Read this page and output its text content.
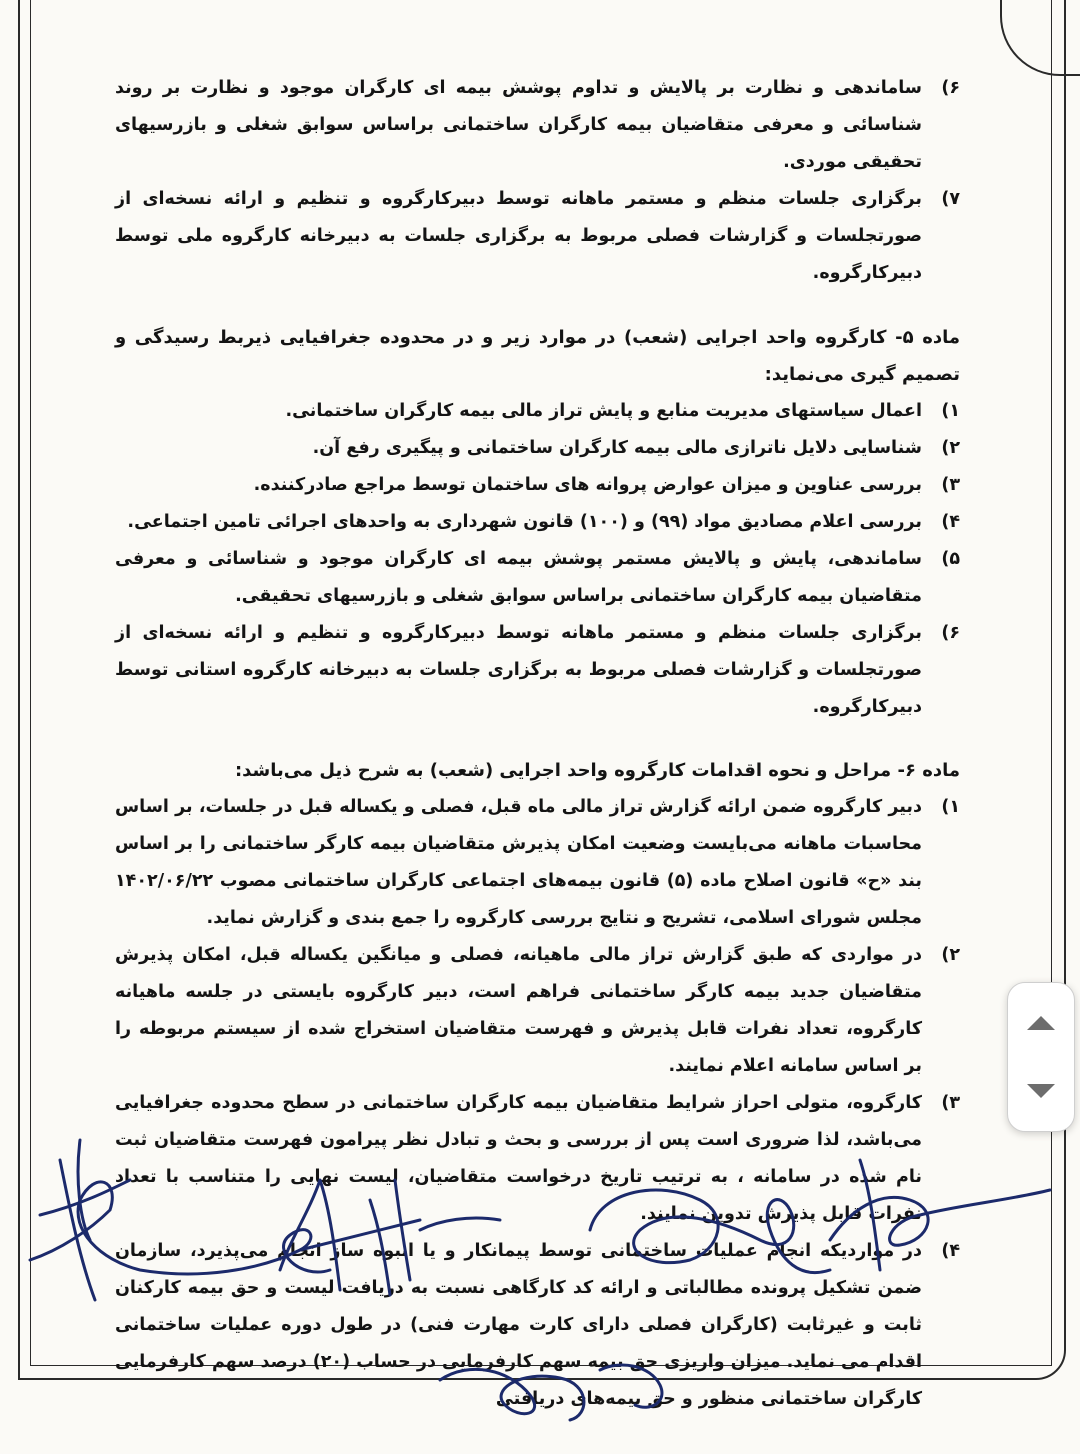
۶)
ساماندهی و نظارت بر پالایش و تداوم پوشش بیمه ای کارگران موجود و نظارت بر روند شناسائی و معرفی متقاضیان بیمه کارگران ساختمانی براساس سوابق شغلی و بازرسیهای تحقیقی موردی.

۷)
برگزاری جلسات منظم و مستمر ماهانه توسط دبیرکارگروه و تنظیم و ارائه نسخه‌ای از صورتجلسات و گزارشات فصلی مربوط به برگزاری جلسات به دبیرخانه کارگروه ملی توسط دبیرکارگروه.

ماده ۵- کارگروه واحد اجرایی (شعب) در موارد زیر و در محدوده جغرافیایی ذیربط رسیدگی و تصمیم گیری می‌نماید:

۱)
اعمال سیاستهای مدیریت منابع و پایش تراز مالی بیمه کارگران ساختمانی.

۲)
شناسایی دلایل ناترازی مالی بیمه کارگران ساختمانی و پیگیری رفع آن.

۳)
بررسی عناوین و میزان عوارض پروانه های ساختمان توسط مراجع صادرکننده.

۴)
بررسی اعلام مصادیق مواد (۹۹) و (۱۰۰) قانون شهرداری به واحدهای اجرائی تامین اجتماعی.

۵)
ساماندهی، پایش و پالایش مستمر پوشش بیمه ای کارگران موجود و شناسائی و معرفی متقاضیان بیمه کارگران ساختمانی براساس سوابق شغلی و بازرسیهای تحقیقی.

۶)
برگزاری جلسات منظم و مستمر ماهانه توسط دبیرکارگروه و تنظیم و ارائه نسخه‌ای از صورتجلسات و گزارشات فصلی مربوط به برگزاری جلسات به دبیرخانه کارگروه استانی توسط دبیرکارگروه.

ماده ۶- مراحل و نحوه اقدامات کارگروه واحد اجرایی (شعب) به شرح ذیل می‌باشد:

۱)
دبیر کارگروه ضمن ارائه گزارش تراز مالی ماه قبل، فصلی و یکساله قبل در جلسات، بر اساس محاسبات ماهانه می‌بایست وضعیت امکان پذیرش متقاضیان بیمه کارگر ساختمانی را بر اساس بند «ح» قانون اصلاح ماده (۵) قانون بیمه‌های اجتماعی کارگران ساختمانی مصوب ۱۴۰۲/۰۶/۲۲ مجلس شورای اسلامی، تشریح و نتایج بررسی کارگروه را جمع بندی و گزارش نماید.

۲)
در مواردی که طبق گزارش تراز مالی ماهیانه، فصلی و میانگین یکساله قبل، امکان پذیرش متقاضیان جدید بیمه کارگر ساختمانی فراهم است، دبیر کارگروه بایستی در جلسه ماهیانه کارگروه، تعداد نفرات قابل پذیرش و فهرست متقاضیان استخراج شده از سیستم مربوطه را بر اساس سامانه اعلام نمایند.

۳)
کارگروه، متولی احراز شرایط متقاضیان بیمه کارگران ساختمانی در سطح محدوده جغرافیایی می‌باشد، لذا ضروری است پس از بررسی و بحث و تبادل نظر پیرامون فهرست متقاضیان ثبت نام شده در سامانه ، به ترتیب تاریخ درخواست متقاضیان، لیست نهایی را متناسب با تعداد نفرات قابل پذیرش تدوین نمایند.

۴)
در مواردیکه انجام عملیات ساختمانی توسط پیمانکار و یا انبوه ساز انجام می‌پذیرد، سازمان ضمن تشکیل پرونده مطالباتی و ارائه کد کارگاهی نسبت به دریافت لیست و حق بیمه کارکنان ثابت و غیرثابت (کارگران فصلی دارای کارت مهارت فنی) در طول دوره عملیات ساختمانی اقدام می نماید. میزان واریزی حق بیمه سهم کارفرمایی در حساب (۲۰) درصد سهم کارفرمایی کارگران ساختمانی منظور و حق بیمه‌های دریافتی
